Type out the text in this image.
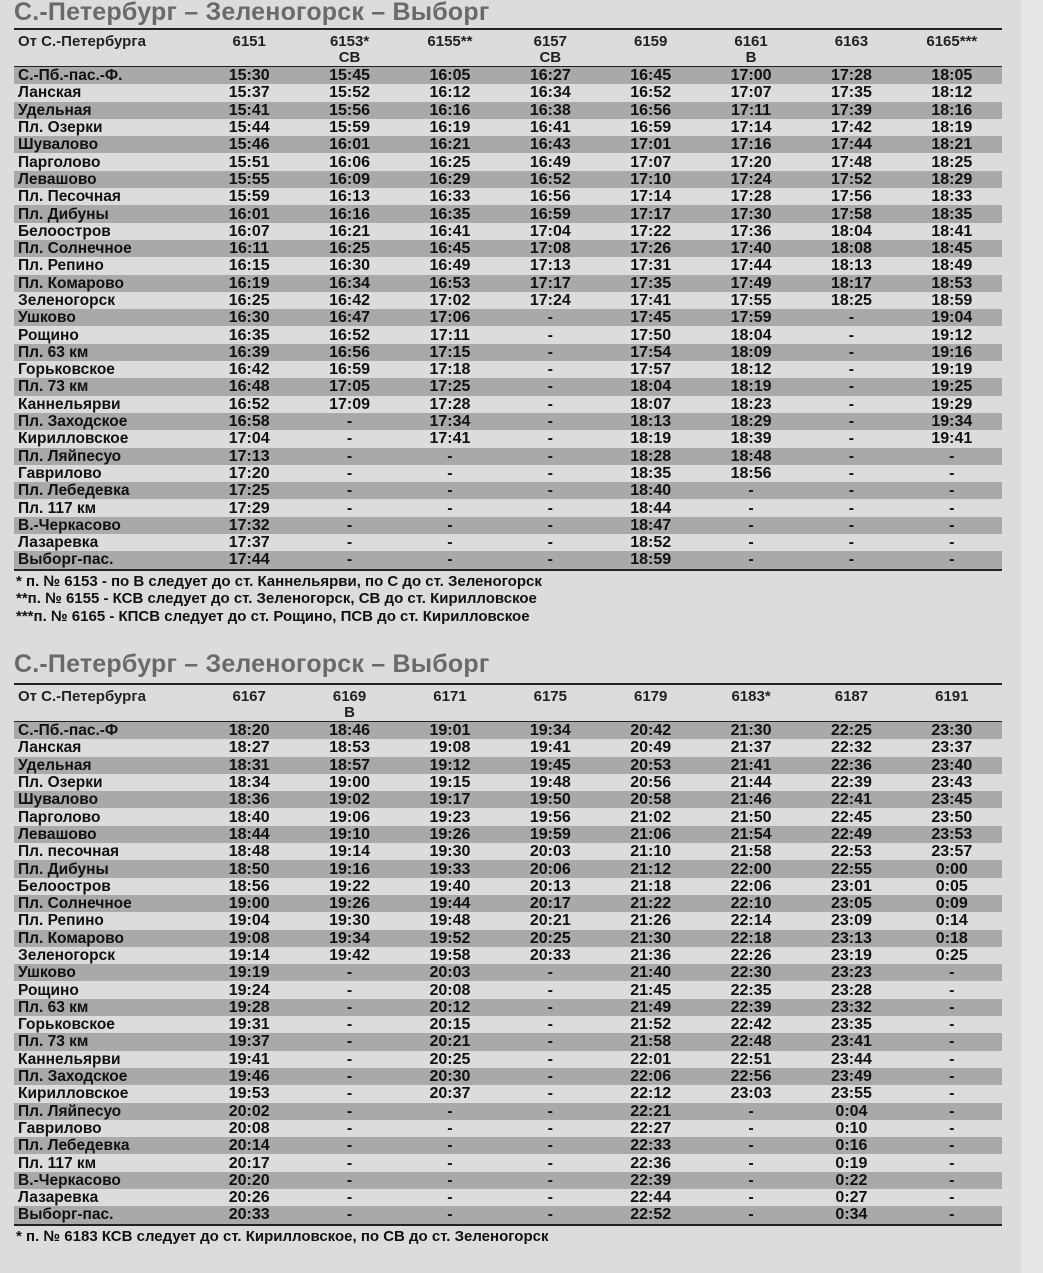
С.-Петербург – Зеленогорск – Выборг
От С.-Петербурга	6151	6153*	6155**	6157	6159	6161	6163	6165***
		СВ		СВ		В		
С.-Пб.-пас.-Ф.	15:30	15:45	16:05	16:27	16:45	17:00	17:28	18:05
Ланская	15:37	15:52	16:12	16:34	16:52	17:07	17:35	18:12
Удельная	15:41	15:56	16:16	16:38	16:56	17:11	17:39	18:16
Пл. Озерки	15:44	15:59	16:19	16:41	16:59	17:14	17:42	18:19
Шувалово	15:46	16:01	16:21	16:43	17:01	17:16	17:44	18:21
Парголово	15:51	16:06	16:25	16:49	17:07	17:20	17:48	18:25
Левашово	15:55	16:09	16:29	16:52	17:10	17:24	17:52	18:29
Пл. Песочная	15:59	16:13	16:33	16:56	17:14	17:28	17:56	18:33
Пл. Дибуны	16:01	16:16	16:35	16:59	17:17	17:30	17:58	18:35
Белоостров	16:07	16:21	16:41	17:04	17:22	17:36	18:04	18:41
Пл. Солнечное	16:11	16:25	16:45	17:08	17:26	17:40	18:08	18:45
Пл. Репино	16:15	16:30	16:49	17:13	17:31	17:44	18:13	18:49
Пл. Комарово	16:19	16:34	16:53	17:17	17:35	17:49	18:17	18:53
Зеленогорск	16:25	16:42	17:02	17:24	17:41	17:55	18:25	18:59
Ушково	16:30	16:47	17:06	-	17:45	17:59	-	19:04
Рощино	16:35	16:52	17:11	-	17:50	18:04	-	19:12
Пл. 63 км	16:39	16:56	17:15	-	17:54	18:09	-	19:16
Горьковское	16:42	16:59	17:18	-	17:57	18:12	-	19:19
Пл. 73 км	16:48	17:05	17:25	-	18:04	18:19	-	19:25
Каннельярви	16:52	17:09	17:28	-	18:07	18:23	-	19:29
Пл. Заходское	16:58	-	17:34	-	18:13	18:29	-	19:34
Кирилловское	17:04	-	17:41	-	18:19	18:39	-	19:41
Пл. Ляйпесуо	17:13	-	-	-	18:28	18:48	-	-
Гаврилово	17:20	-	-	-	18:35	18:56	-	-
Пл. Лебедевка	17:25	-	-	-	18:40	-	-	-
Пл. 117 км	17:29	-	-	-	18:44	-	-	-
В.-Черкасово	17:32	-	-	-	18:47	-	-	-
Лазаревка	17:37	-	-	-	18:52	-	-	-
Выборг-пас.	17:44	-	-	-	18:59	-	-	-
* п. № 6153 - по В следует до ст. Каннельярви, по С до ст. Зеленогорск
**п. № 6155 - КСВ следует до ст. Зеленогорск, СВ до ст. Кирилловское
***п. № 6165 - КПСВ следует до ст. Рощино, ПСВ до ст. Кирилловское
С.-Петербург – Зеленогорск – Выборг
От С.-Петербурга	6167	6169	6171	6175	6179	6183*	6187	6191
		В						
С.-Пб.-пас.-Ф	18:20	18:46	19:01	19:34	20:42	21:30	22:25	23:30
Ланская	18:27	18:53	19:08	19:41	20:49	21:37	22:32	23:37
Удельная	18:31	18:57	19:12	19:45	20:53	21:41	22:36	23:40
Пл. Озерки	18:34	19:00	19:15	19:48	20:56	21:44	22:39	23:43
Шувалово	18:36	19:02	19:17	19:50	20:58	21:46	22:41	23:45
Парголово	18:40	19:06	19:23	19:56	21:02	21:50	22:45	23:50
Левашово	18:44	19:10	19:26	19:59	21:06	21:54	22:49	23:53
Пл. песочная	18:48	19:14	19:30	20:03	21:10	21:58	22:53	23:57
Пл. Дибуны	18:50	19:16	19:33	20:06	21:12	22:00	22:55	0:00
Белоостров	18:56	19:22	19:40	20:13	21:18	22:06	23:01	0:05
Пл. Солнечное	19:00	19:26	19:44	20:17	21:22	22:10	23:05	0:09
Пл. Репино	19:04	19:30	19:48	20:21	21:26	22:14	23:09	0:14
Пл. Комарово	19:08	19:34	19:52	20:25	21:30	22:18	23:13	0:18
Зеленогорск	19:14	19:42	19:58	20:33	21:36	22:26	23:19	0:25
Ушково	19:19	-	20:03	-	21:40	22:30	23:23	-
Рощино	19:24	-	20:08	-	21:45	22:35	23:28	-
Пл. 63 км	19:28	-	20:12	-	21:49	22:39	23:32	-
Горьковское	19:31	-	20:15	-	21:52	22:42	23:35	-
Пл. 73 км	19:37	-	20:21	-	21:58	22:48	23:41	-
Каннельярви	19:41	-	20:25	-	22:01	22:51	23:44	-
Пл. Заходское	19:46	-	20:30	-	22:06	22:56	23:49	-
Кирилловское	19:53	-	20:37	-	22:12	23:03	23:55	-
Пл. Ляйпесуо	20:02	-	-	-	22:21	-	0:04	-
Гаврилово	20:08	-	-	-	22:27	-	0:10	-
Пл. Лебедевка	20:14	-	-	-	22:33	-	0:16	-
Пл. 117 км	20:17	-	-	-	22:36	-	0:19	-
В.-Черкасово	20:20	-	-	-	22:39	-	0:22	-
Лазаревка	20:26	-	-	-	22:44	-	0:27	-
Выборг-пас.	20:33	-	-	-	22:52	-	0:34	-
* п. № 6183 КСВ следует до ст. Кирилловское, по СВ до ст. Зеленогорск
